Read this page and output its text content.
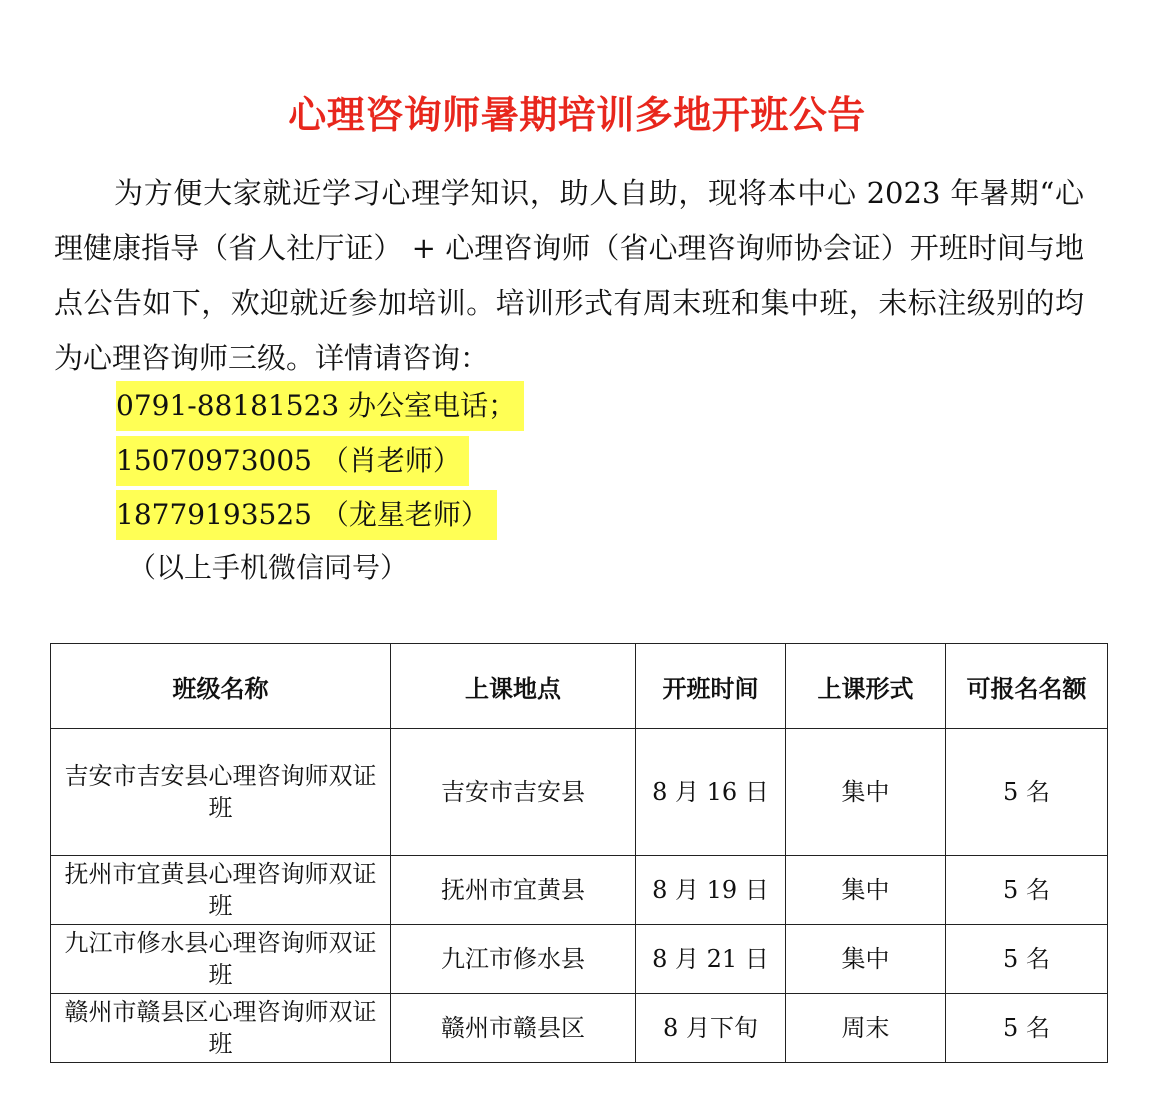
心理咨询师暑期培训多地开班公告

为方便大家就近学习心理学知识，助人自助，现将本中心 2023 年暑期“心理健康指导（省人社厅证） + 心理咨询师（省心理咨询师协会证）开班时间与地点公告如下，欢迎就近参加培训。培训形式有周末班和集中班，未标注级别的均为心理咨询师三级。详情请咨询：

0791-88181523 办公室电话；
15070973005 （肖老师）
18779193525 （龙星老师）
（以上手机微信同号）
班级名称	上课地点	开班时间	上课形式	可报名名额
吉安市吉安县心理咨询师双证班	吉安市吉安县	8 月 16 日	集中	5 名
抚州市宜黄县心理咨询师双证班	抚州市宜黄县	8 月 19 日	集中	5 名
九江市修水县心理咨询师双证班	九江市修水县	8 月 21 日	集中	5 名
赣州市赣县区心理咨询师双证班	赣州市赣县区	8 月下旬	周末	5 名
